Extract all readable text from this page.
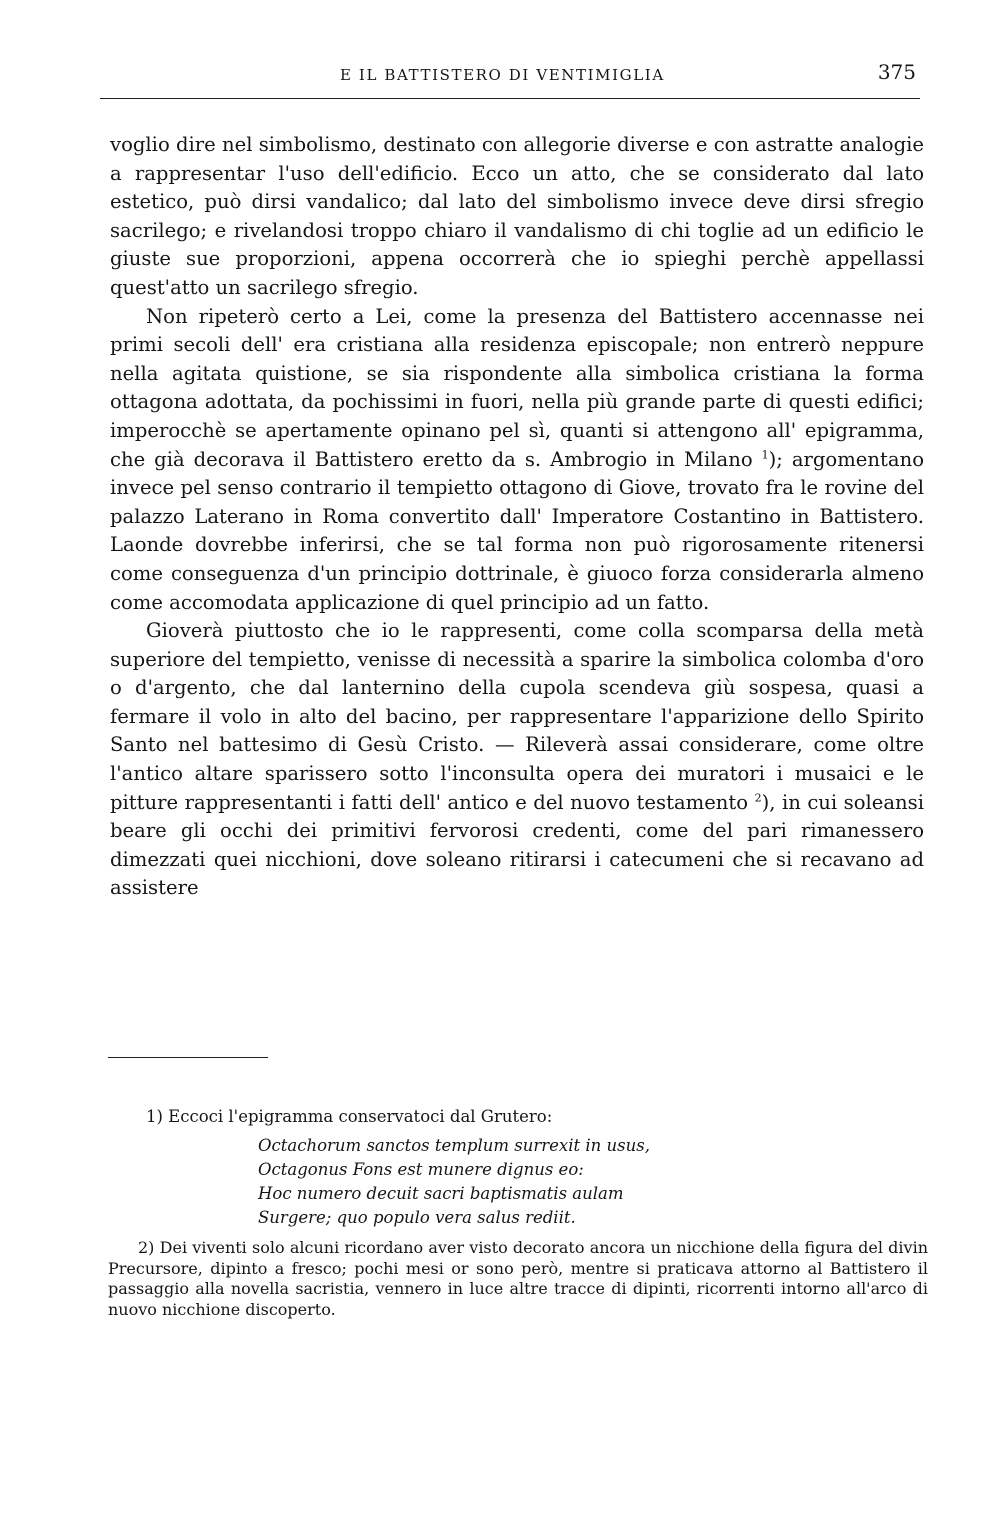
E IL BATTISTERO DI VENTIMIGLIA	375

voglio dire nel simbolismo, destinato con allegorie diverse e con astratte analogie a rappresentar l'uso dell'edificio. Ecco un atto, che se considerato dal lato estetico, può dirsi vandalico; dal lato del simbolismo invece deve dirsi sfregio sacrilego; e rivelandosi troppo chiaro il vandalismo di chi toglie ad un edificio le giuste sue proporzioni, appena occorrerà che io spieghi perchè appellassi quest'atto un sacrilego sfregio.

Non ripeterò certo a Lei, come la presenza del Battistero accennasse nei primi secoli dell' era cristiana alla residenza episcopale; non entrerò neppure nella agitata quistione, se sia rispondente alla simbolica cristiana la forma ottagona adottata, da pochissimi in fuori, nella più grande parte di questi edifici; imperocchè se apertamente opinano pel sì, quanti si attengono all' epigramma, che già decorava il Battistero eretto da s. Ambrogio in Milano $^1$); argomentano invece pel senso contrario il tempietto ottagono di Giove, trovato fra le rovine del palazzo Laterano in Roma convertito dall' Imperatore Costantino in Battistero. Laonde dovrebbe inferirsi, che se tal forma non può rigorosamente ritenersi come conseguenza d'un principio dottrinale, è giuoco forza considerarla almeno come accomodata applicazione di quel principio ad un fatto.

Gioverà piuttosto che io le rappresenti, come colla scomparsa della metà superiore del tempietto, venisse di necessità a sparire la simbolica colomba d'oro o d'argento, che dal lanternino della cupola scendeva giù sospesa, quasi a fermare il volo in alto del bacino, per rappresentare l'apparizione dello Spirito Santo nel battesimo di Gesù Cristo. — Rileverà assai considerare, come oltre l'antico altare sparissero sotto l'inconsulta opera dei muratori i musaici e le pitture rappresentanti i fatti dell' antico e del nuovo testamento $^2$), in cui soleansi beare gli occhi dei primitivi fervorosi credenti, come del pari rimanessero dimezzati quei nicchioni, dove soleano ritirarsi i catecumeni che si recavano ad assistere

1) Eccoci l'epigramma conservatoci dal Grutero:

Octachorum sanctos templum surrexit in usus,
Octagonus Fons est munere dignus eo:
Hoc numero decuit sacri baptismatis aulam
Surgere; quo populo vera salus rediit.

2) Dei viventi solo alcuni ricordano aver visto decorato ancora un nicchione della figura del divin Precursore, dipinto a fresco; pochi mesi or sono però, mentre si praticava attorno al Battistero il passaggio alla novella sacristia, vennero in luce altre tracce di dipinti, ricorrenti intorno all'arco di nuovo nicchione discoperto.
